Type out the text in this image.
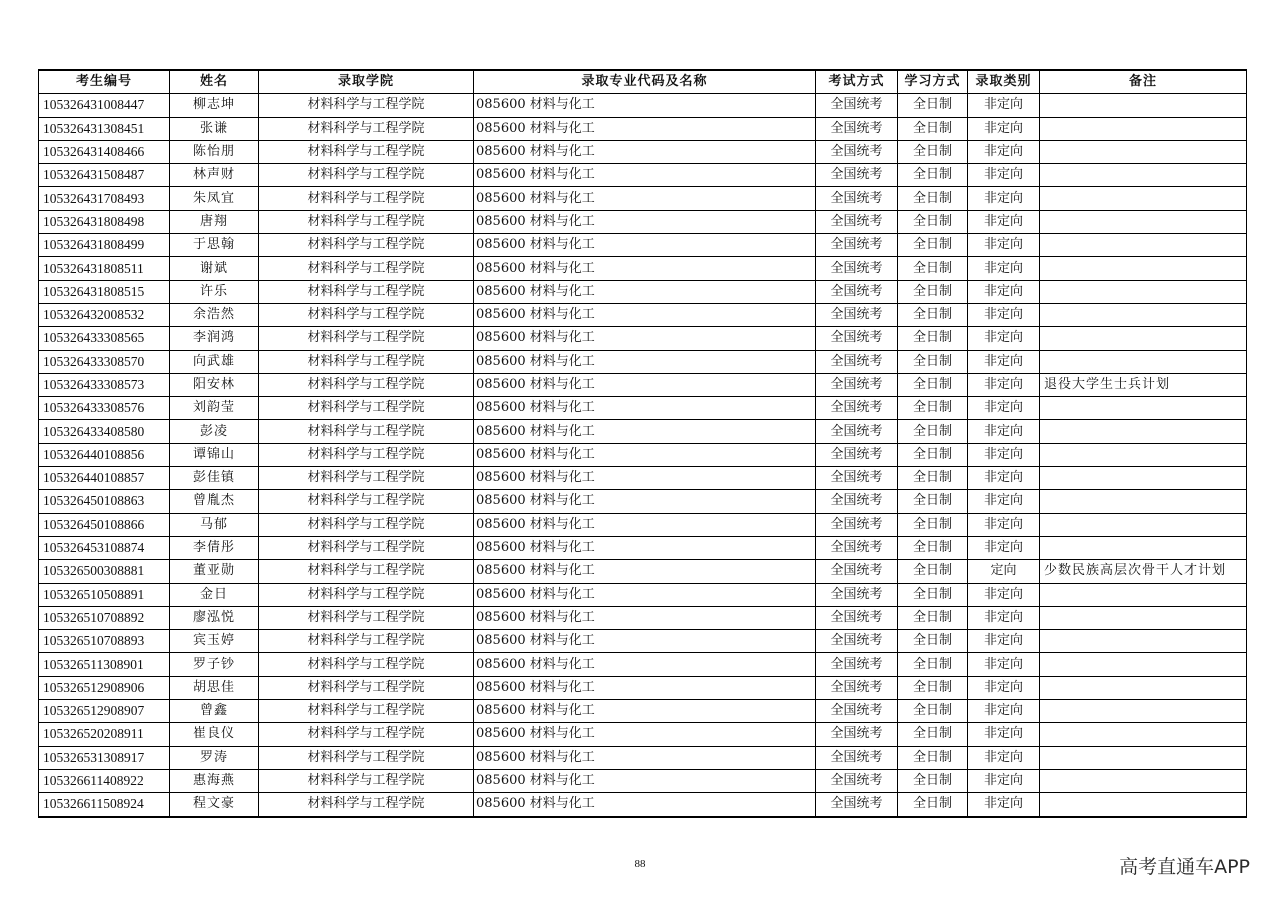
考生编号	姓名	录取学院	录取专业代码及名称	考试方式	学习方式	录取类别	备注
105326431008447	柳志坤	材料科学与工程学院	085600 材料与化工	全国统考	全日制	非定向	
105326431308451	张谦	材料科学与工程学院	085600 材料与化工	全国统考	全日制	非定向	
105326431408466	陈怡朋	材料科学与工程学院	085600 材料与化工	全国统考	全日制	非定向	
105326431508487	林声财	材料科学与工程学院	085600 材料与化工	全国统考	全日制	非定向	
105326431708493	朱凤宜	材料科学与工程学院	085600 材料与化工	全国统考	全日制	非定向	
105326431808498	唐翔	材料科学与工程学院	085600 材料与化工	全国统考	全日制	非定向	
105326431808499	于思翰	材料科学与工程学院	085600 材料与化工	全国统考	全日制	非定向	
105326431808511	谢斌	材料科学与工程学院	085600 材料与化工	全国统考	全日制	非定向	
105326431808515	许乐	材料科学与工程学院	085600 材料与化工	全国统考	全日制	非定向	
105326432008532	余浩然	材料科学与工程学院	085600 材料与化工	全国统考	全日制	非定向	
105326433308565	李润鸿	材料科学与工程学院	085600 材料与化工	全国统考	全日制	非定向	
105326433308570	向武雄	材料科学与工程学院	085600 材料与化工	全国统考	全日制	非定向	
105326433308573	阳安林	材料科学与工程学院	085600 材料与化工	全国统考	全日制	非定向	退役大学生士兵计划
105326433308576	刘韵莹	材料科学与工程学院	085600 材料与化工	全国统考	全日制	非定向	
105326433408580	彭凌	材料科学与工程学院	085600 材料与化工	全国统考	全日制	非定向	
105326440108856	谭锦山	材料科学与工程学院	085600 材料与化工	全国统考	全日制	非定向	
105326440108857	彭佳镇	材料科学与工程学院	085600 材料与化工	全国统考	全日制	非定向	
105326450108863	曾胤杰	材料科学与工程学院	085600 材料与化工	全国统考	全日制	非定向	
105326450108866	马郁	材料科学与工程学院	085600 材料与化工	全国统考	全日制	非定向	
105326453108874	李倩彤	材料科学与工程学院	085600 材料与化工	全国统考	全日制	非定向	
105326500308881	董亚勋	材料科学与工程学院	085600 材料与化工	全国统考	全日制	定向	少数民族高层次骨干人才计划
105326510508891	金日	材料科学与工程学院	085600 材料与化工	全国统考	全日制	非定向	
105326510708892	廖泓悦	材料科学与工程学院	085600 材料与化工	全国统考	全日制	非定向	
105326510708893	宾玉婷	材料科学与工程学院	085600 材料与化工	全国统考	全日制	非定向	
105326511308901	罗子钞	材料科学与工程学院	085600 材料与化工	全国统考	全日制	非定向	
105326512908906	胡思佳	材料科学与工程学院	085600 材料与化工	全国统考	全日制	非定向	
105326512908907	曾鑫	材料科学与工程学院	085600 材料与化工	全国统考	全日制	非定向	
105326520208911	崔良仪	材料科学与工程学院	085600 材料与化工	全国统考	全日制	非定向	
105326531308917	罗涛	材料科学与工程学院	085600 材料与化工	全国统考	全日制	非定向	
105326611408922	惠海燕	材料科学与工程学院	085600 材料与化工	全国统考	全日制	非定向	
105326611508924	程文豪	材料科学与工程学院	085600 材料与化工	全国统考	全日制	非定向	
88	高考直通车APP
